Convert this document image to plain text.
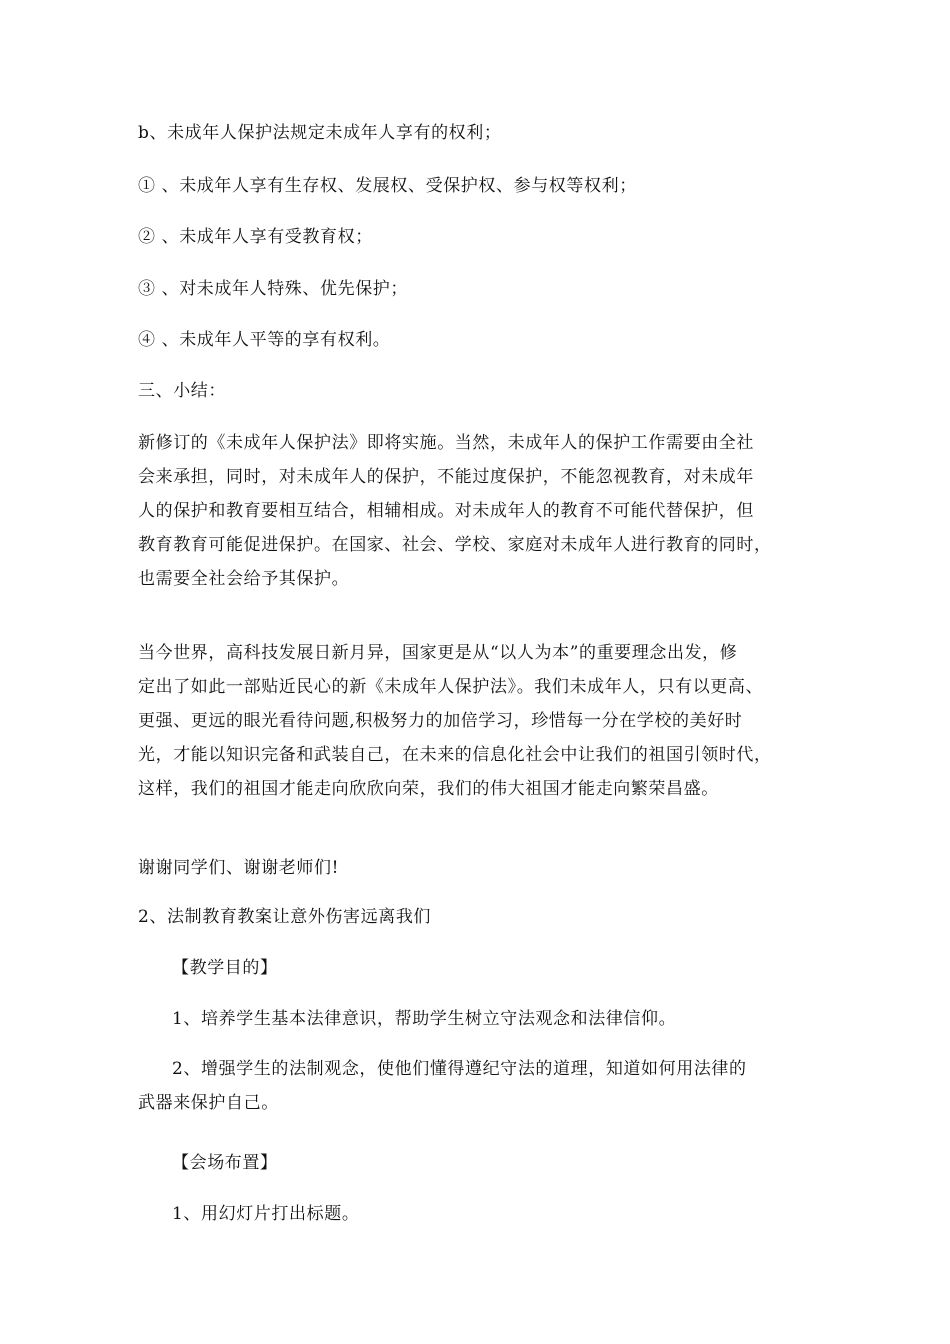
b、未成年人保护法规定未成年人享有的权利；
① 、未成年人享有生存权、发展权、受保护权、参与权等权利；
② 、未成年人享有受教育权；
③ 、对未成年人特殊、优先保护；
④ 、未成年人平等的享有权利。
三、小结：
新修订的《未成年人保护法》即将实施。当然，未成年人的保护工作需要由全社
会来承担，同时，对未成年人的保护，不能过度保护，不能忽视教育，对未成年
人的保护和教育要相互结合，相辅相成。对未成年人的教育不可能代替保护，但
教育教育可能促进保护。在国家、社会、学校、家庭对未成年人进行教育的同时，
也需要全社会给予其保护。
当今世界，高科技发展日新月异，国家更是从“以人为本”的重要理念出发，修
定出了如此一部贴近民心的新《未成年人保护法》。我们未成年人，只有以更高、
更强、更远的眼光看待问题,积极努力的加倍学习，珍惜每一分在学校的美好时
光，才能以知识完备和武装自己，在未来的信息化社会中让我们的祖国引领时代，
这样，我们的祖国才能走向欣欣向荣，我们的伟大祖国才能走向繁荣昌盛。
谢谢同学们、谢谢老师们!
2、法制教育教案让意外伤害远离我们
【教学目的】
1、培养学生基本法律意识，帮助学生树立守法观念和法律信仰。
2、增强学生的法制观念，使他们懂得遵纪守法的道理，知道如何用法律的
武器来保护自己。
【会场布置】
1、用幻灯片打出标题。
